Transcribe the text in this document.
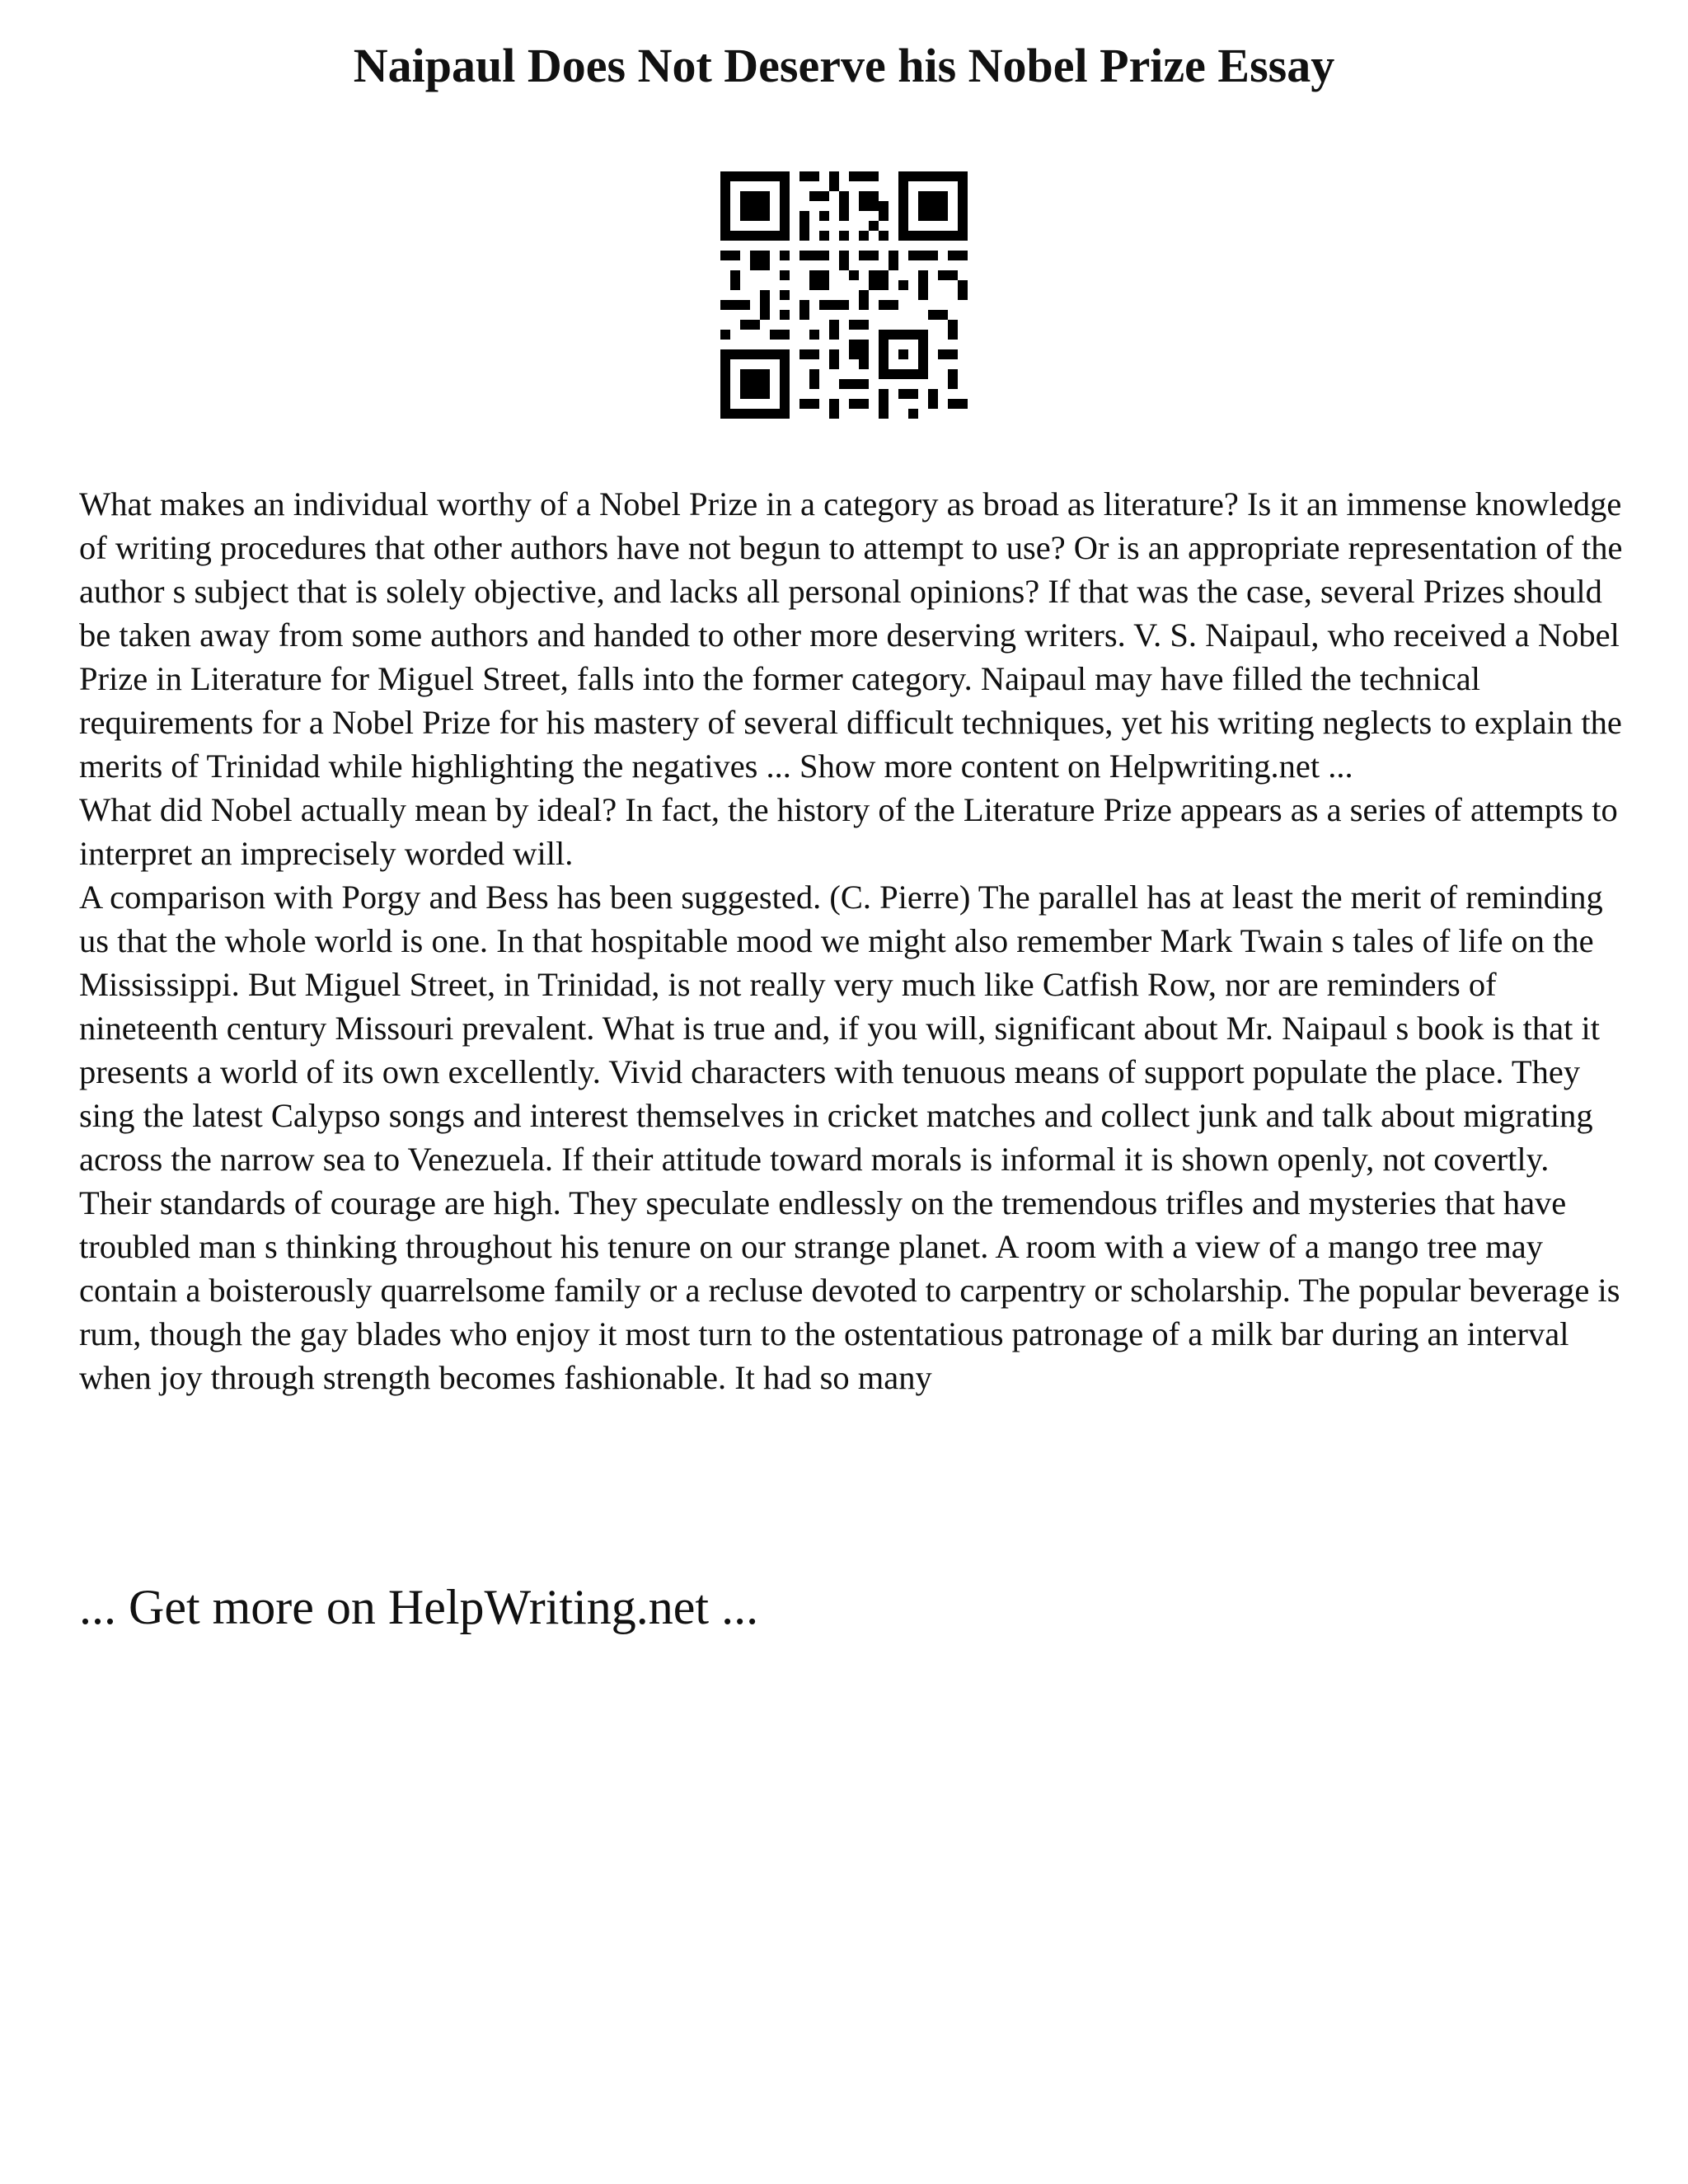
Naipaul Does Not Deserve his Nobel Prize Essay

What makes an individual worthy of a Nobel Prize in a category as broad as literature? Is it an immense knowledge of writing procedures that other authors have not begun to attempt to use? Or is an appropriate representation of the author s subject that is solely objective, and lacks all personal opinions? If that was the case, several Prizes should be taken away from some authors and handed to other more deserving writers. V. S. Naipaul, who received a Nobel Prize in Literature for Miguel Street, falls into the former category. Naipaul may have filled the technical requirements for a Nobel Prize for his mastery of several difficult techniques, yet his writing neglects to explain the merits of Trinidad while highlighting the negatives ... Show more content on Helpwriting.net ...

What did Nobel actually mean by ideal? In fact, the history of the Literature Prize appears as a series of attempts to interpret an imprecisely worded will.

A comparison with Porgy and Bess has been suggested. (C. Pierre) The parallel has at least the merit of reminding us that the whole world is one. In that hospitable mood we might also remember Mark Twain s tales of life on the Mississippi. But Miguel Street, in Trinidad, is not really very much like Catfish Row, nor are reminders of nineteenth century Missouri prevalent. What is true and, if you will, significant about Mr. Naipaul s book is that it presents a world of its own excellently. Vivid characters with tenuous means of support populate the place. They sing the latest Calypso songs and interest themselves in cricket matches and collect junk and talk about migrating across the narrow sea to Venezuela. If their attitude toward morals is informal it is shown openly, not covertly. Their standards of courage are high. They speculate endlessly on the tremendous trifles and mysteries that have troubled man s thinking throughout his tenure on our strange planet. A room with a view of a mango tree may contain a boisterously quarrelsome family or a recluse devoted to carpentry or scholarship. The popular beverage is rum, though the gay blades who enjoy it most turn to the ostentatious patronage of a milk bar during an interval when joy through strength becomes fashionable. It had so many

... Get more on HelpWriting.net ...
